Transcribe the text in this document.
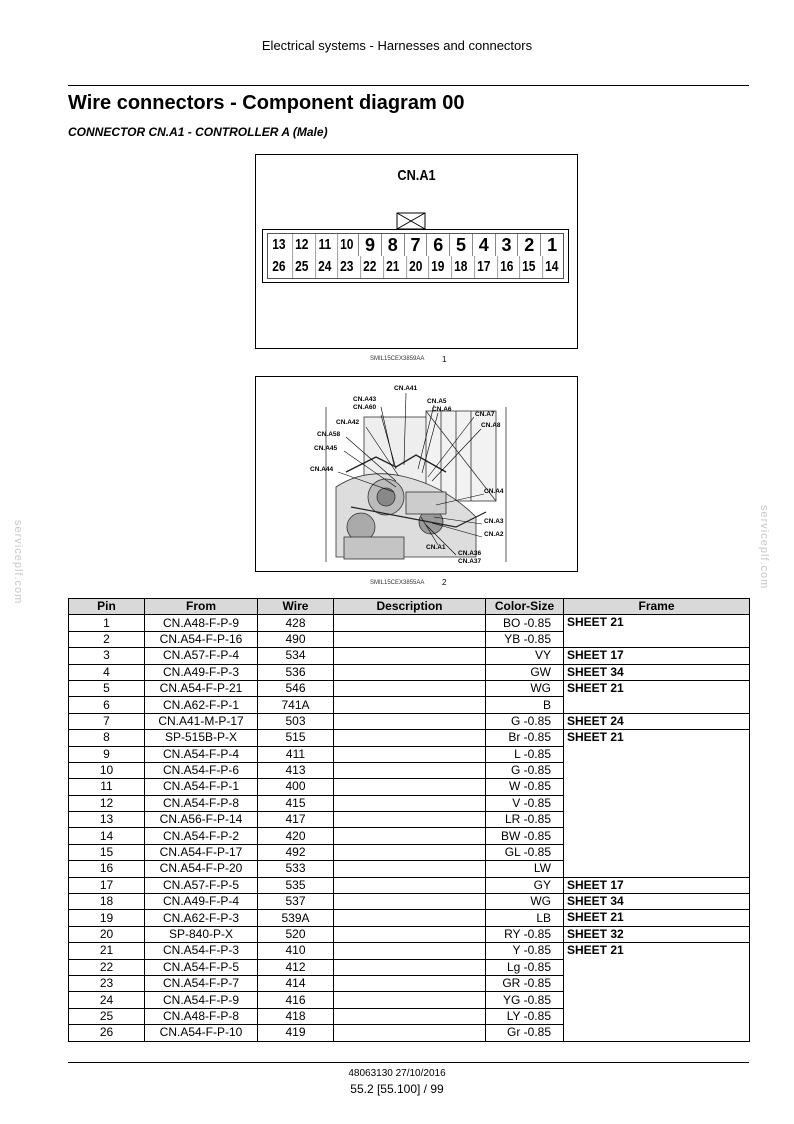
Electrical systems - Harnesses and connectors
Wire connectors - Component diagram 00
CONNECTOR CN.A1 - CONTROLLER A (Male)
CN.A1
13 12 11 10 9 8 7 6 5 4 3 2 1
26 25 24 23 22 21 20 19 18 17 16 15 14
SMIL15CEX3859AA 1
CN.A41
CN.A43
CN.A60
CN.A5
CN.A6
CN.A7
CN.A8
CN.A42
CN.A58
CN.A45
CN.A44
CN.A4
CN.A3
CN.A2
CN.A1
CN.A36
CN.A37
SMIL15CEX3855AA 2
Pin	From	Wire	Description	Color-Size	Frame
1	CN.A48-F-P-9	428		BO -0.85	SHEET 21
2	CN.A54-F-P-16	490		YB -0.85	
3	CN.A57-F-P-4	534		VY	SHEET 17
4	CN.A49-F-P-3	536		GW	SHEET 34
5	CN.A54-F-P-21	546		WG	SHEET 21
6	CN.A62-F-P-1	741A		B	
7	CN.A41-M-P-17	503		G -0.85	SHEET 24
8	SP-515B-P-X	515		Br -0.85	SHEET 21
9	CN.A54-F-P-4	411		L -0.85	
10	CN.A54-F-P-6	413		G -0.85	
11	CN.A54-F-P-1	400		W -0.85	
12	CN.A54-F-P-8	415		V -0.85	
13	CN.A56-F-P-14	417		LR -0.85	
14	CN.A54-F-P-2	420		BW -0.85	
15	CN.A54-F-P-17	492		GL -0.85	
16	CN.A54-F-P-20	533		LW	
17	CN.A57-F-P-5	535		GY	SHEET 17
18	CN.A49-F-P-4	537		WG	SHEET 34
19	CN.A62-F-P-3	539A		LB	SHEET 21
20	SP-840-P-X	520		RY -0.85	SHEET 32
21	CN.A54-F-P-3	410		Y -0.85	SHEET 21
22	CN.A54-F-P-5	412		Lg -0.85	
23	CN.A54-F-P-7	414		GR -0.85	
24	CN.A54-F-P-9	416		YG -0.85	
25	CN.A48-F-P-8	418		LY -0.85	
26	CN.A54-F-P-10	419		Gr -0.85	
48063130 27/10/2016
55.2 [55.100] / 99
serviceplf.com	serviceplf.com
